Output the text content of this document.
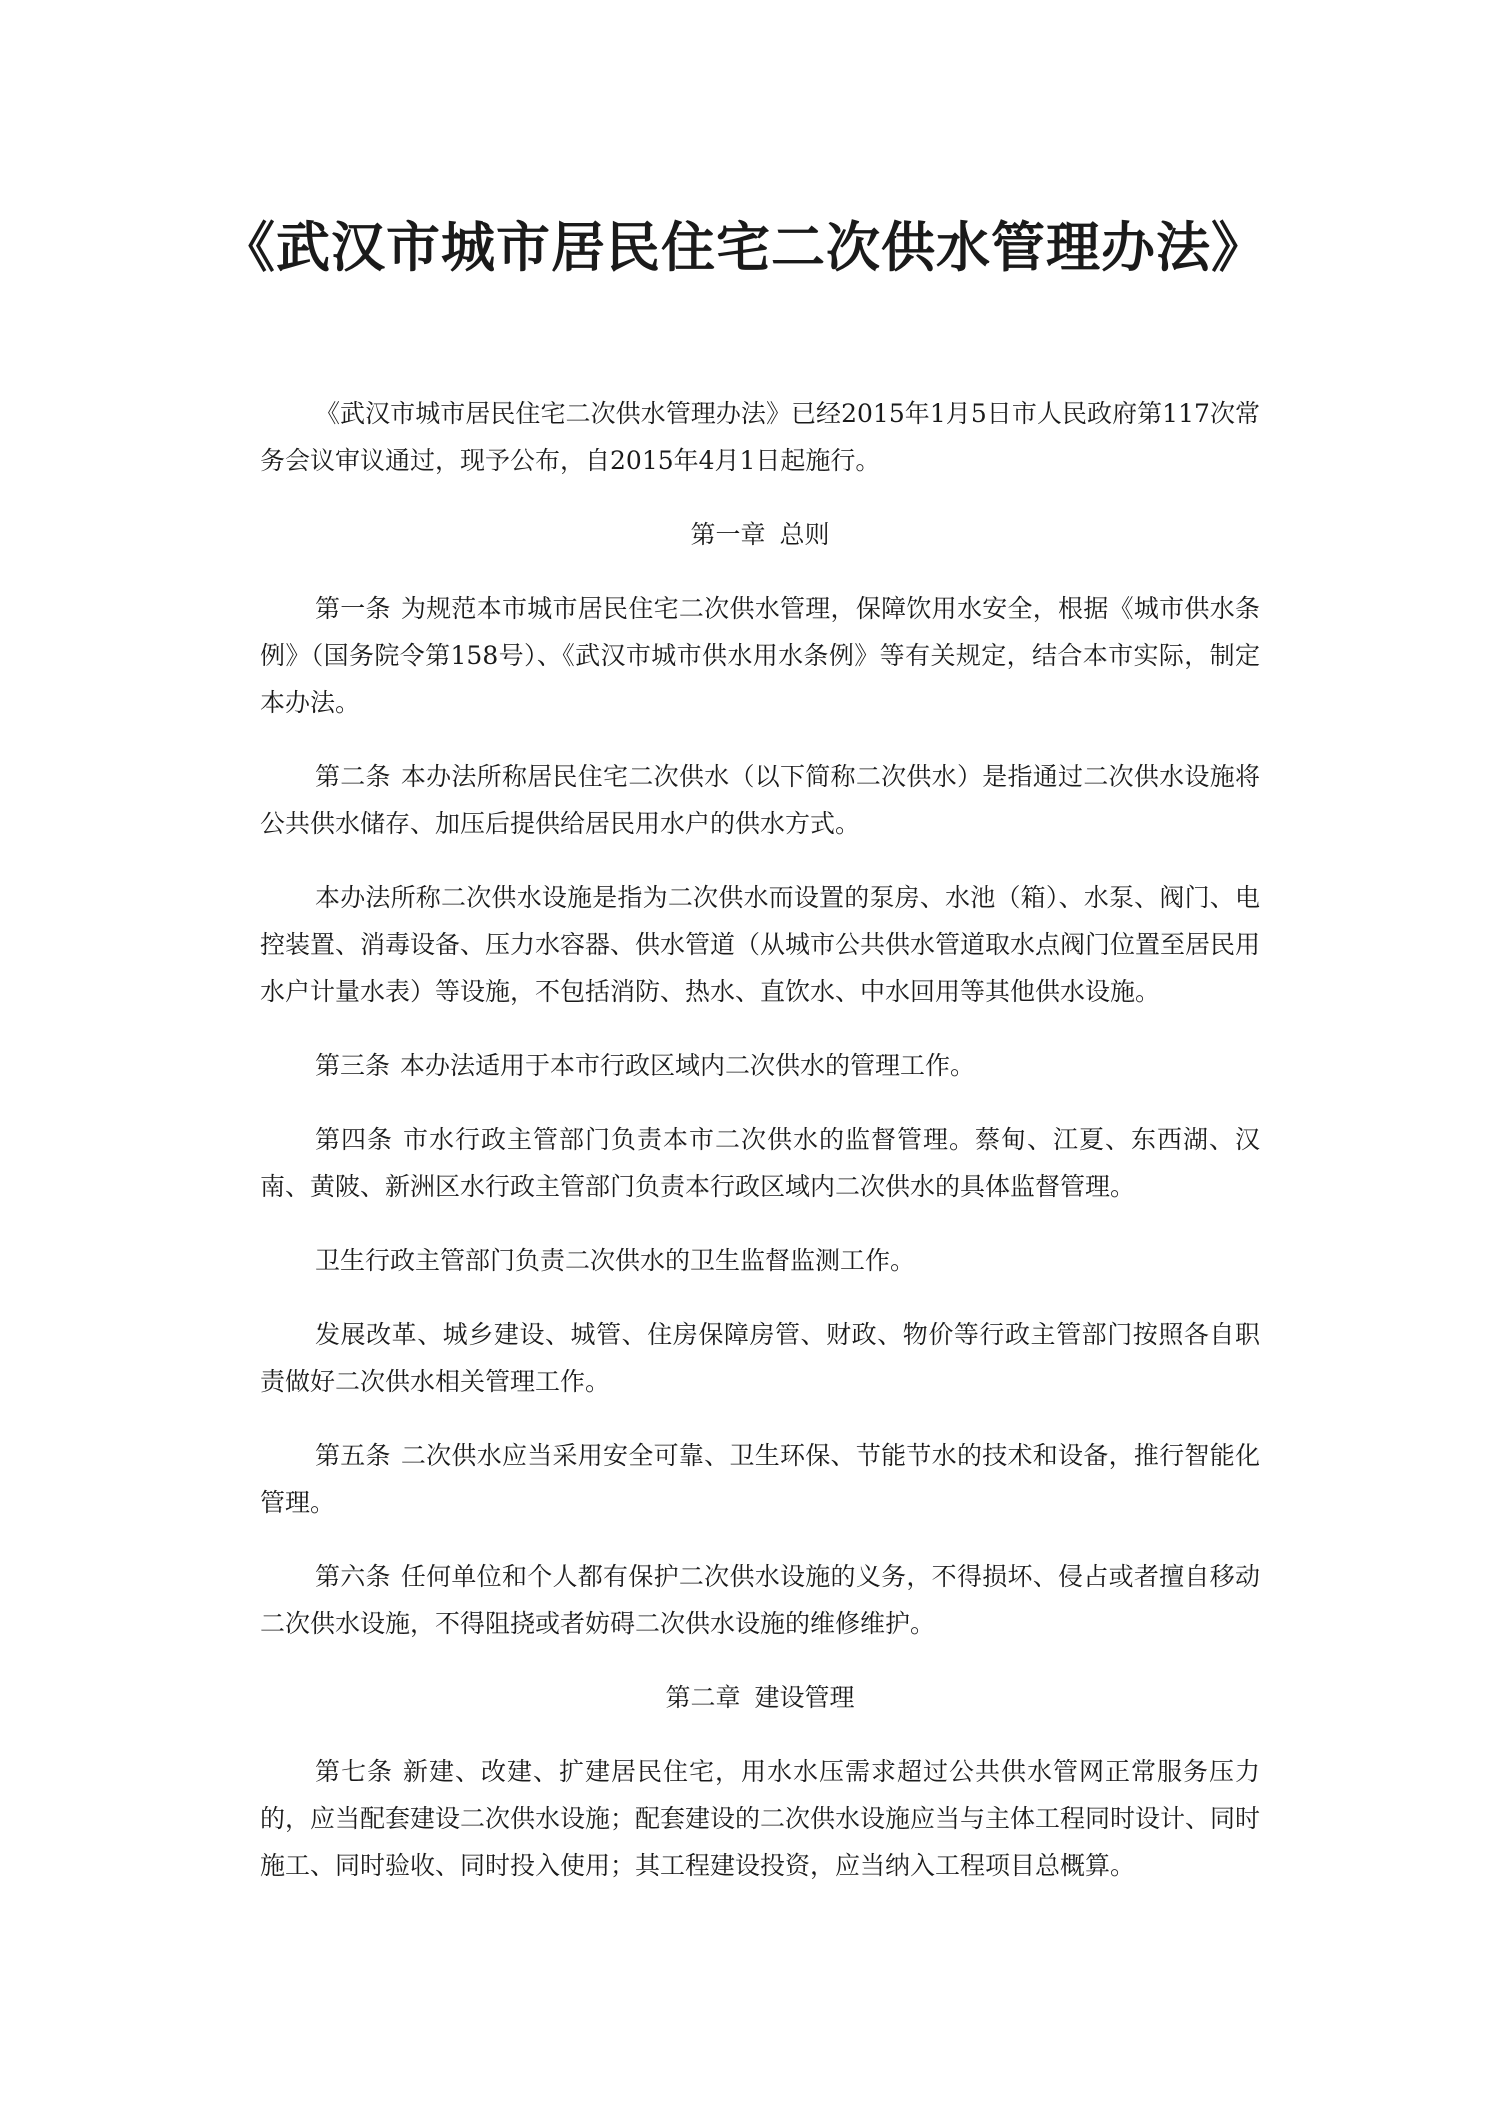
《武汉市城市居民住宅二次供水管理办法》

《武汉市城市居民住宅二次供水管理办法》已经2015年1月5日市人民政府第117次常务会议审议通过，现予公布，自2015年4月1日起施行。

第一章 总则

第一条 为规范本市城市居民住宅二次供水管理，保障饮用水安全，根据《城市供水条例》（国务院令第158号）、《武汉市城市供水用水条例》等有关规定，结合本市实际，制定本办法。

第二条 本办法所称居民住宅二次供水（以下简称二次供水）是指通过二次供水设施将公共供水储存、加压后提供给居民用水户的供水方式。

本办法所称二次供水设施是指为二次供水而设置的泵房、水池（箱）、水泵、阀门、电控装置、消毒设备、压力水容器、供水管道（从城市公共供水管道取水点阀门位置至居民用水户计量水表）等设施，不包括消防、热水、直饮水、中水回用等其他供水设施。

第三条 本办法适用于本市行政区域内二次供水的管理工作。

第四条 市水行政主管部门负责本市二次供水的监督管理。蔡甸、江夏、东西湖、汉南、黄陂、新洲区水行政主管部门负责本行政区域内二次供水的具体监督管理。

卫生行政主管部门负责二次供水的卫生监督监测工作。

发展改革、城乡建设、城管、住房保障房管、财政、物价等行政主管部门按照各自职责做好二次供水相关管理工作。

第五条 二次供水应当采用安全可靠、卫生环保、节能节水的技术和设备，推行智能化管理。

第六条 任何单位和个人都有保护二次供水设施的义务，不得损坏、侵占或者擅自移动二次供水设施，不得阻挠或者妨碍二次供水设施的维修维护。

第二章 建设管理

第七条 新建、改建、扩建居民住宅，用水水压需求超过公共供水管网正常服务压力的，应当配套建设二次供水设施；配套建设的二次供水设施应当与主体工程同时设计、同时施工、同时验收、同时投入使用；其工程建设投资，应当纳入工程项目总概算。
